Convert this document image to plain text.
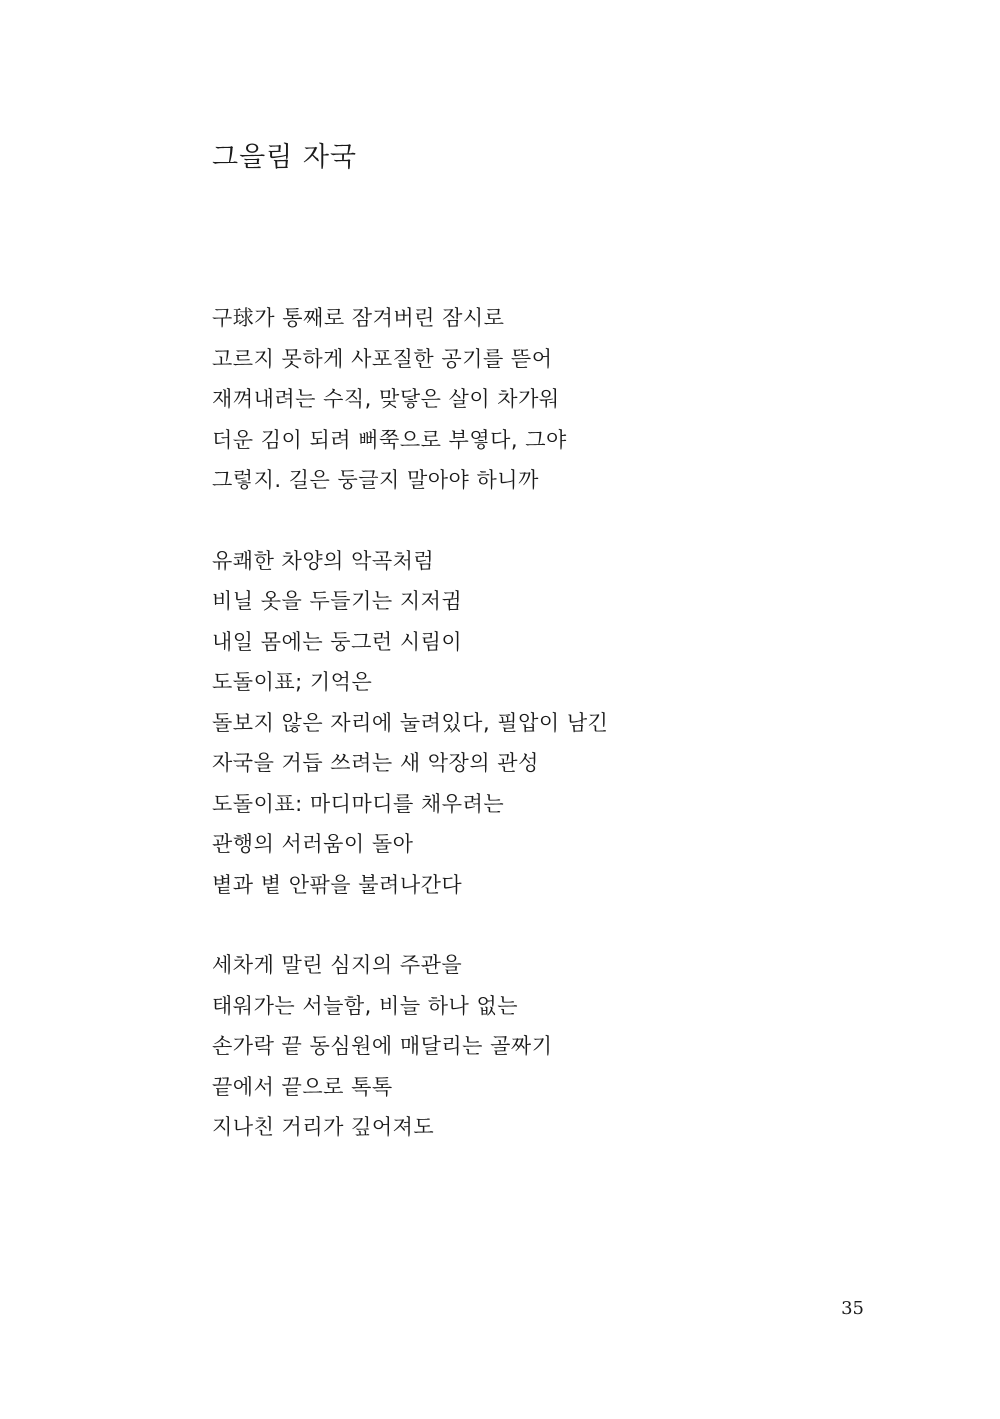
그을림 자국
구球가 통째로 잠겨버린 잠시로
고르지 못하게 사포질한 공기를 뜯어
재껴내려는 수직, 맞닿은 살이 차가워
더운 김이 되려 뻐쭉으로 부옇다, 그야
그렇지. 길은 둥글지 말아야 하니까
유쾌한 차양의 악곡처럼
비닐 옷을 두들기는 지저귐
내일 몸에는 둥그런 시림이
도돌이표; 기억은
돌보지 않은 자리에 눌려있다, 필압이 남긴
자국을 거듭 쓰려는 새 악장의 관성
도돌이표: 마디마디를 채우려는
관행의 서러움이 돌아
볕과 볕 안팎을 불려나간다
세차게 말린 심지의 주관을
태워가는 서늘함, 비늘 하나 없는
손가락 끝 동심원에 매달리는 골짜기
끝에서 끝으로 톡톡
지나친 거리가 깊어져도
35
